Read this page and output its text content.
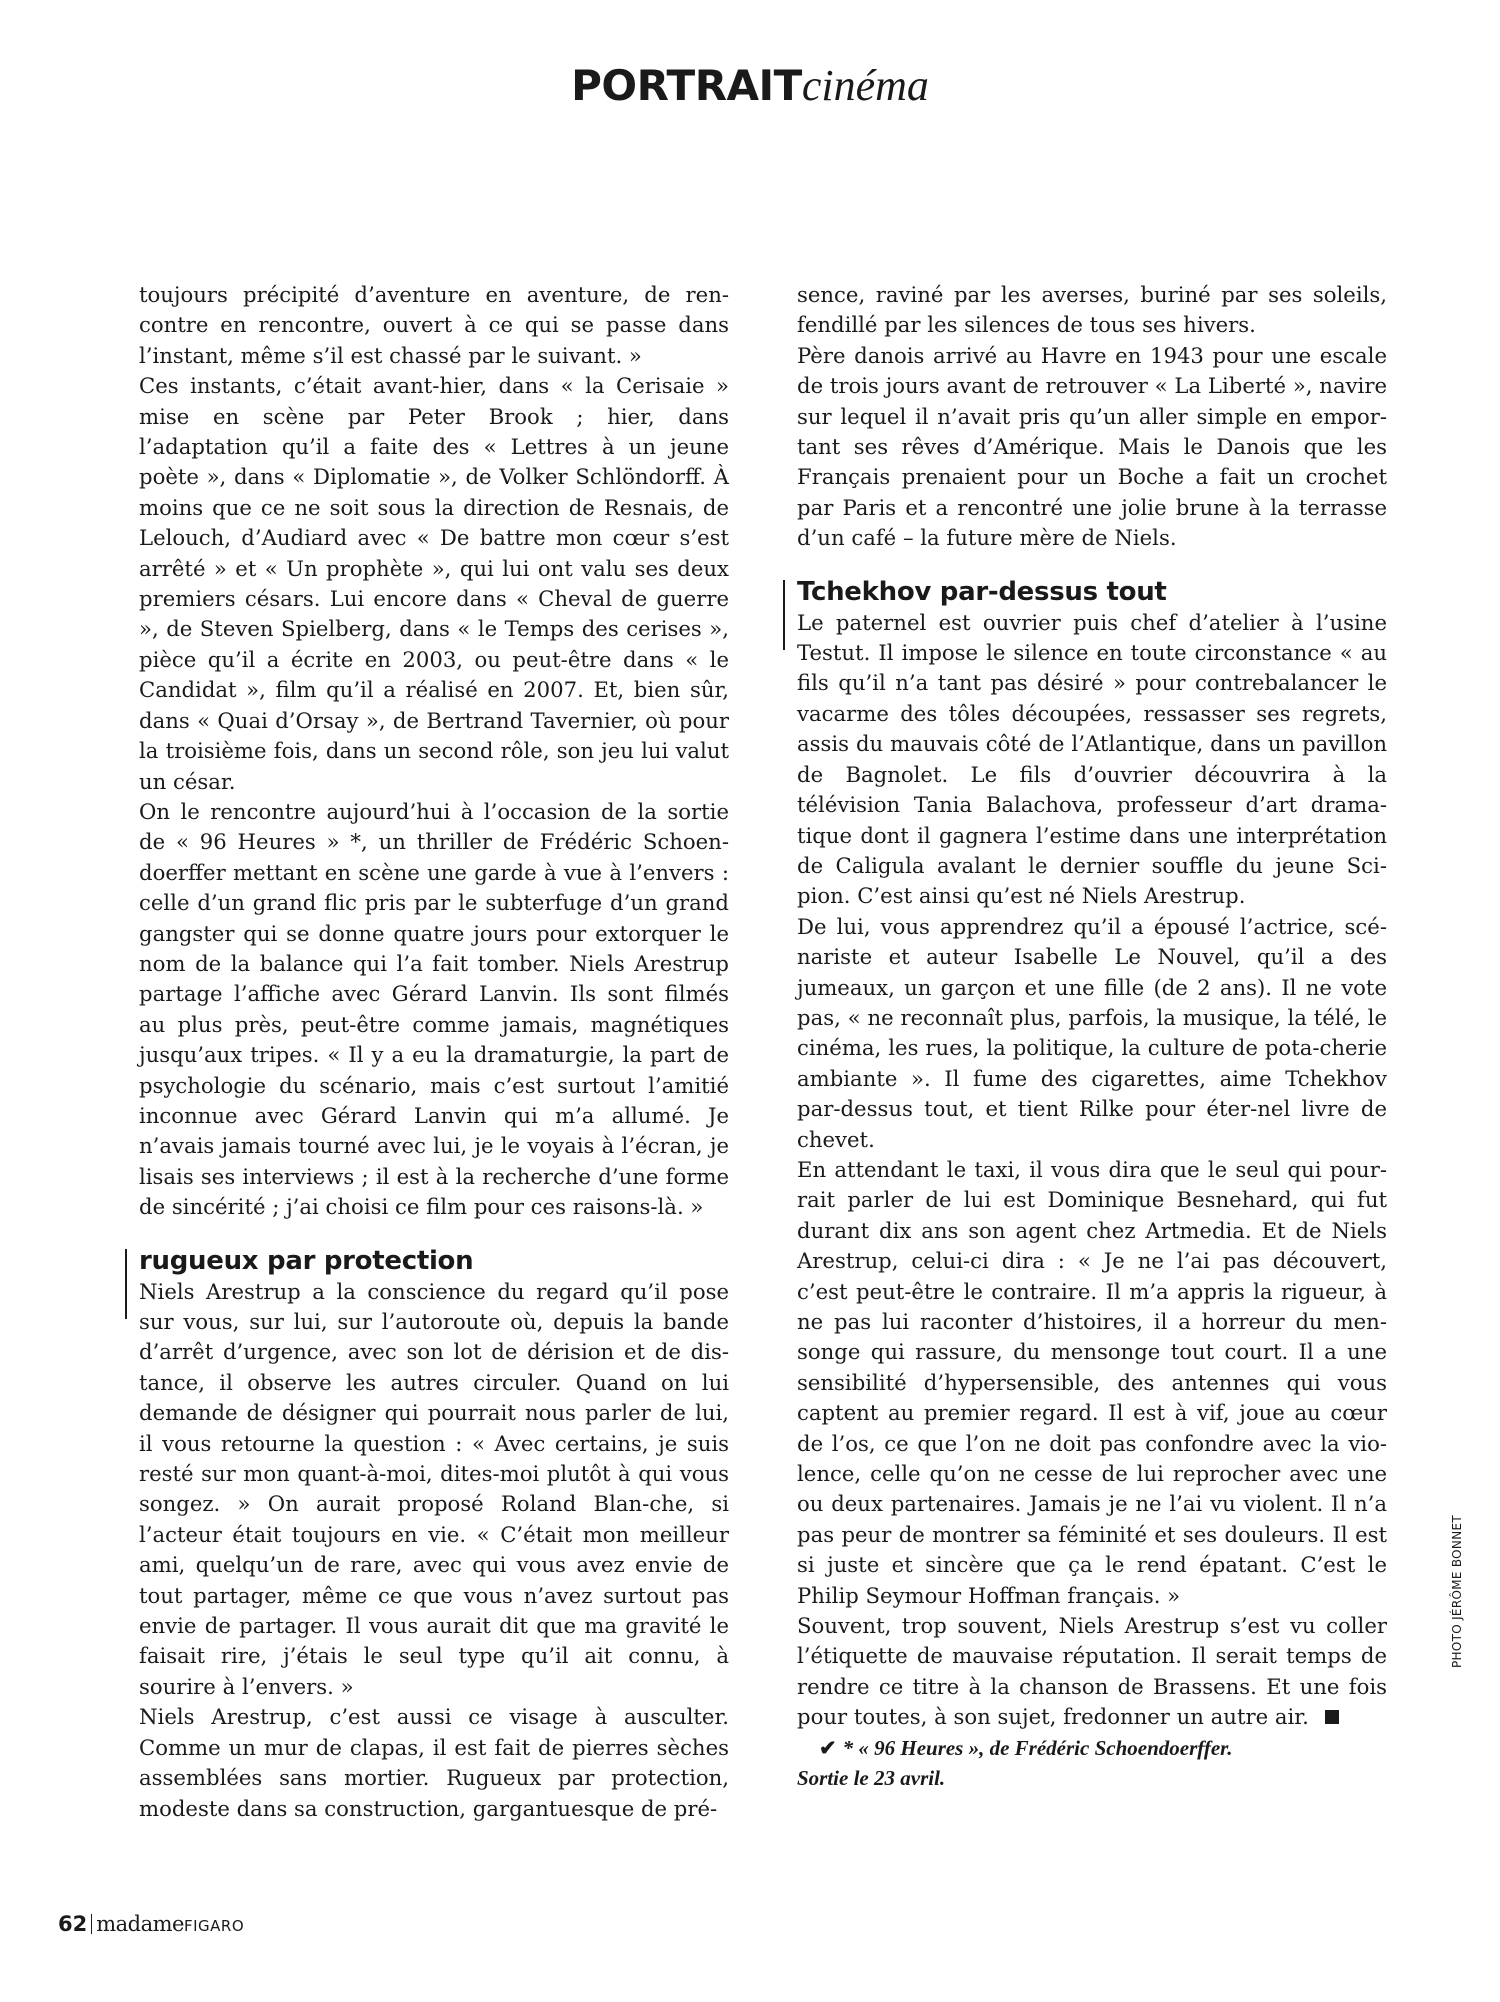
PORTRAITcinéma

toujours précipité d’aventure en aventure, de ren-contre en rencontre, ouvert à ce qui se passe dans l’instant, même s’il est chassé par le suivant. »

Ces instants, c’était avant-hier, dans « la Cerisaie » mise en scène par Peter Brook ; hier, dans l’adaptation qu’il a faite des « Lettres à un jeune poète », dans « Diplomatie », de Volker Schlöndorff. À moins que ce ne soit sous la direction de Resnais, de Lelouch, d’Audiard avec « De battre mon cœur s’est arrêté » et « Un prophète », qui lui ont valu ses deux premiers césars. Lui encore dans « Cheval de guerre », de Steven Spielberg, dans « le Temps des cerises », pièce qu’il a écrite en 2003, ou peut-être dans « le Candidat », film qu’il a réalisé en 2007. Et, bien sûr, dans « Quai d’Orsay », de Bertrand Tavernier, où pour la troisième fois, dans un second rôle, son jeu lui valut un césar.

On le rencontre aujourd’hui à l’occasion de la sortie de « 96 Heures » *, un thriller de Frédéric Schoen-doerffer mettant en scène une garde à vue à l’envers : celle d’un grand flic pris par le subterfuge d’un grand gangster qui se donne quatre jours pour extorquer le nom de la balance qui l’a fait tomber. Niels Arestrup partage l’affiche avec Gérard Lanvin. Ils sont filmés au plus près, peut-être comme jamais, magnétiques jusqu’aux tripes. « Il y a eu la dramaturgie, la part de psychologie du scénario, mais c’est surtout l’amitié inconnue avec Gérard Lanvin qui m’a allumé. Je n’avais jamais tourné avec lui, je le voyais à l’écran, je lisais ses interviews ; il est à la recherche d’une forme de sincérité ; j’ai choisi ce film pour ces raisons-là. »

rugueux par protection

Niels Arestrup a la conscience du regard qu’il pose sur vous, sur lui, sur l’autoroute où, depuis la bande d’arrêt d’urgence, avec son lot de dérision et de dis-tance, il observe les autres circuler. Quand on lui demande de désigner qui pourrait nous parler de lui, il vous retourne la question : « Avec certains, je suis resté sur mon quant-à-moi, dites-moi plutôt à qui vous songez. » On aurait proposé Roland Blan-che, si l’acteur était toujours en vie. « C’était mon meilleur ami, quelqu’un de rare, avec qui vous avez envie de tout partager, même ce que vous n’avez surtout pas envie de partager. Il vous aurait dit que ma gravité le faisait rire, j’étais le seul type qu’il ait connu, à sourire à l’envers. »

Niels Arestrup, c’est aussi ce visage à ausculter. Comme un mur de clapas, il est fait de pierres sèches assemblées sans mortier. Rugueux par protection, modeste dans sa construction, gargantuesque de pré-

sence, raviné par les averses, buriné par ses soleils, fendillé par les silences de tous ses hivers.

Père danois arrivé au Havre en 1943 pour une escale de trois jours avant de retrouver « La Liberté », navire sur lequel il n’avait pris qu’un aller simple en empor-tant ses rêves d’Amérique. Mais le Danois que les Français prenaient pour un Boche a fait un crochet par Paris et a rencontré une jolie brune à la terrasse d’un café – la future mère de Niels.

Tchekhov par-dessus tout

Le paternel est ouvrier puis chef d’atelier à l’usine Testut. Il impose le silence en toute circonstance « au fils qu’il n’a tant pas désiré » pour contrebalancer le vacarme des tôles découpées, ressasser ses regrets, assis du mauvais côté de l’Atlantique, dans un pavillon de Bagnolet. Le fils d’ouvrier découvrira à la télévision Tania Balachova, professeur d’art drama-tique dont il gagnera l’estime dans une interprétation de Caligula avalant le dernier souffle du jeune Sci-pion. C’est ainsi qu’est né Niels Arestrup.

De lui, vous apprendrez qu’il a épousé l’actrice, scé-nariste et auteur Isabelle Le Nouvel, qu’il a des jumeaux, un garçon et une fille (de 2 ans). Il ne vote pas, « ne reconnaît plus, parfois, la musique, la télé, le cinéma, les rues, la politique, la culture de pota-cherie ambiante ». Il fume des cigarettes, aime Tchekhov par-dessus tout, et tient Rilke pour éter-nel livre de chevet.

En attendant le taxi, il vous dira que le seul qui pour-rait parler de lui est Dominique Besnehard, qui fut durant dix ans son agent chez Artmedia. Et de Niels Arestrup, celui-ci dira : « Je ne l’ai pas découvert, c’est peut-être le contraire. Il m’a appris la rigueur, à ne pas lui raconter d’histoires, il a horreur du men-songe qui rassure, du mensonge tout court. Il a une sensibilité d’hypersensible, des antennes qui vous captent au premier regard. Il est à vif, joue au cœur de l’os, ce que l’on ne doit pas confondre avec la vio-lence, celle qu’on ne cesse de lui reprocher avec une ou deux partenaires. Jamais je ne l’ai vu violent. Il n’a pas peur de montrer sa féminité et ses douleurs. Il est si juste et sincère que ça le rend épatant. C’est le Philip Seymour Hoffman français. »

Souvent, trop souvent, Niels Arestrup s’est vu coller l’étiquette de mauvaise réputation. Il serait temps de rendre ce titre à la chanson de Brassens. Et une fois pour toutes, à son sujet, fredonner un autre air.

✔ * « 96 Heures », de Frédéric Schoendoerffer.

Sortie le 23 avril.

PHOTO JÉRÔME BONNET
62 madameFIGARO
